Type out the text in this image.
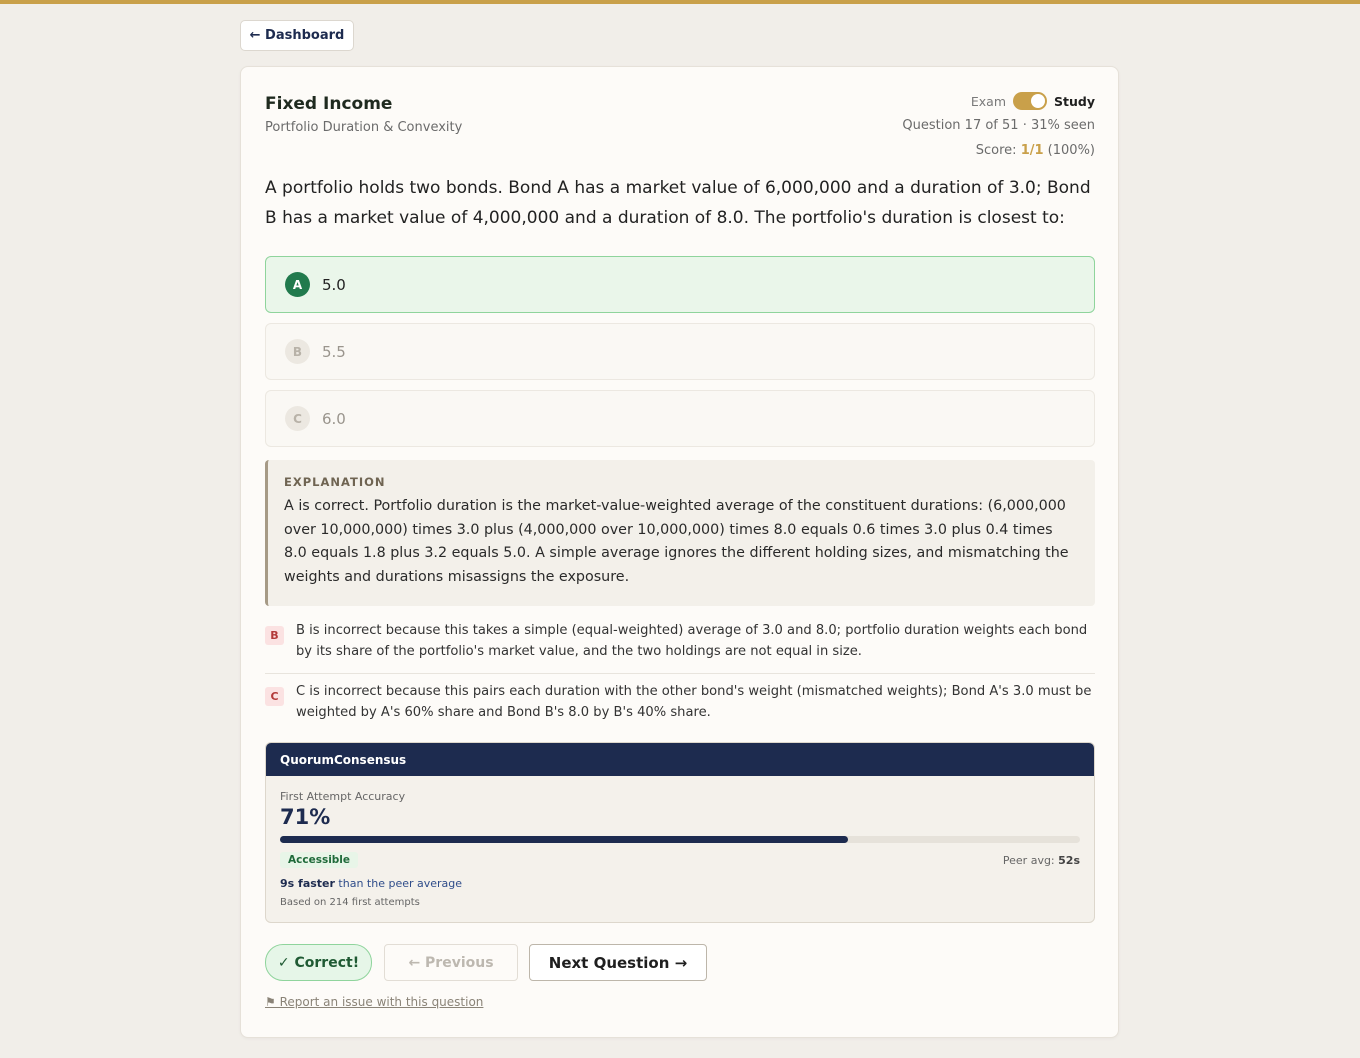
← Dashboard
Fixed Income
Portfolio Duration & Convexity
Exam	Study
Question 17 of 51 · 31% seen
Score: 1/1 (100%)
A portfolio holds two bonds. Bond A has a market value of 6,000,000 and a duration of 3.0; Bond B has a market value of 4,000,000 and a duration of 8.0. The portfolio's duration is closest to:
A	5.0
B	5.5
C	6.0
EXPLANATION
A is correct. Portfolio duration is the market-value-weighted average of the constituent durations: (6,000,000 over 10,000,000) times 3.0 plus (4,000,000 over 10,000,000) times 8.0 equals 0.6 times 3.0 plus 0.4 times 8.0 equals 1.8 plus 3.2 equals 5.0. A simple average ignores the different holding sizes, and mismatching the weights and durations misassigns the exposure.
B	B is incorrect because this takes a simple (equal-weighted) average of 3.0 and 8.0; portfolio duration weights each bond by its share of the portfolio's market value, and the two holdings are not equal in size.
C	C is incorrect because this pairs each duration with the other bond's weight (mismatched weights); Bond A's 3.0 must be weighted by A's 60% share and Bond B's 8.0 by B's 40% share.
QuorumConsensus
First Attempt Accuracy
71%
Accessible	Peer avg: 52s
9s faster than the peer average
Based on 214 first attempts
✓ Correct!	← Previous	Next Question →
⚑ Report an issue with this question
